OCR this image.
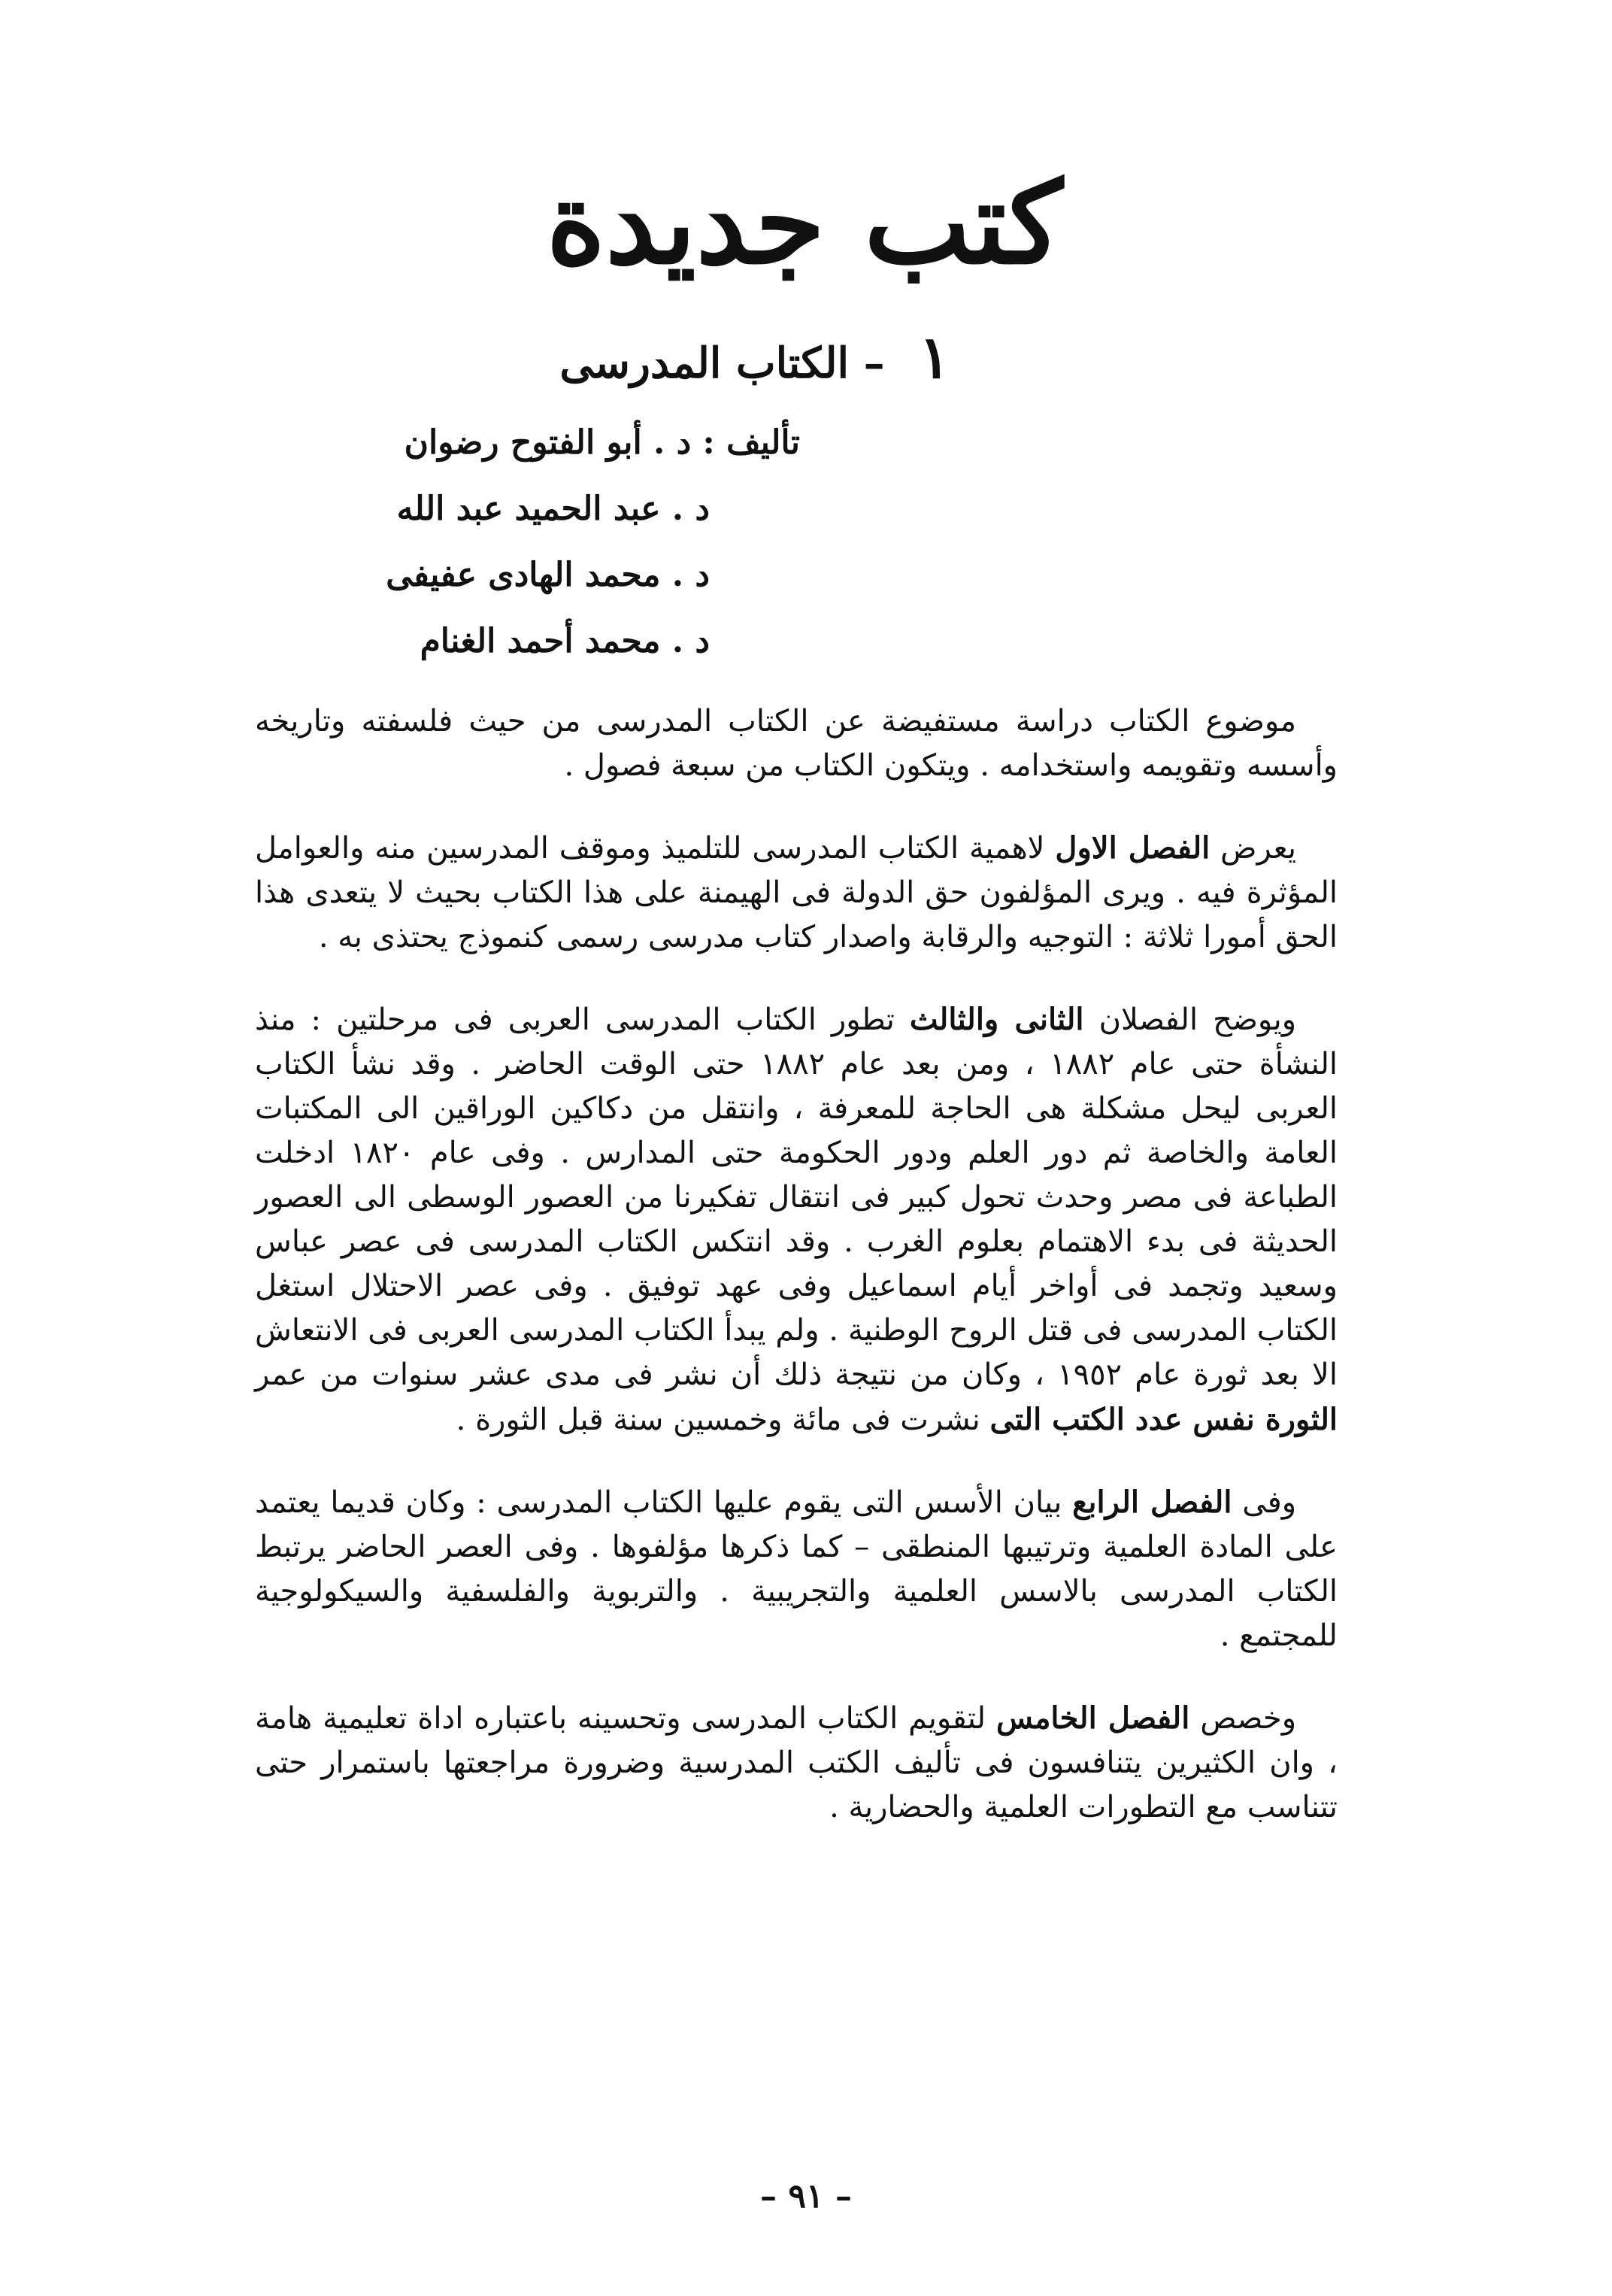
كتب جديدة
١ – الكتاب المدرسى
تأليف : د . أبو الفتوح رضوان
د . عبد الحميد عبد الله
د . محمد الهادى عفيفى
د . محمد أحمد الغنام

موضوع الكتاب دراسة مستفيضة عن الكتاب المدرسى من حيث فلسفته وتاريخه وأسسه وتقويمه واستخدامه . ويتكون الكتاب من سبعة فصول .

يعرض الفصل الاول لاهمية الكتاب المدرسى للتلميذ وموقف المدرسين منه والعوامل المؤثرة فيه . ويرى المؤلفون حق الدولة فى الهيمنة على هذا الكتاب بحيث لا يتعدى هذا الحق أمورا ثلاثة : التوجيه والرقابة واصدار كتاب مدرسى رسمى كنموذج يحتذى به .

ويوضح الفصلان الثانى والثالث تطور الكتاب المدرسى العربى فى مرحلتين : منذ النشأة حتى عام ١٨٨٢ ، ومن بعد عام ١٨٨٢ حتى الوقت الحاضر . وقد نشأ الكتاب العربى ليحل مشكلة هى الحاجة للمعرفة ، وانتقل من دكاكين الوراقين الى المكتبات العامة والخاصة ثم دور العلم ودور الحكومة حتى المدارس . وفى عام ١٨٢٠ ادخلت الطباعة فى مصر وحدث تحول كبير فى انتقال تفكيرنا من العصور الوسطى الى العصور الحديثة فى بدء الاهتمام بعلوم الغرب . وقد انتكس الكتاب المدرسى فى عصر عباس وسعيد وتجمد فى أواخر أيام اسماعيل وفى عهد توفيق . وفى عصر الاحتلال استغل الكتاب المدرسى فى قتل الروح الوطنية . ولم يبدأ الكتاب المدرسى العربى فى الانتعاش الا بعد ثورة عام ١٩٥٢ ، وكان من نتيجة ذلك أن نشر فى مدى عشر سنوات من عمر الثورة نفس عدد الكتب التى نشرت فى مائة وخمسين سنة قبل الثورة .

وفى الفصل الرابع بيان الأسس التى يقوم عليها الكتاب المدرسى : وكان قديما يعتمد على المادة العلمية وترتيبها المنطقى – كما ذكرها مؤلفوها . وفى العصر الحاضر يرتبط الكتاب المدرسى بالاسس العلمية والتجريبية . والتربوية والفلسفية والسيكولوجية للمجتمع .

وخصص الفصل الخامس لتقويم الكتاب المدرسى وتحسينه باعتباره اداة تعليمية هامة ، وان الكثيرين يتنافسون فى تأليف الكتب المدرسية وضرورة مراجعتها باستمرار حتى تتناسب مع التطورات العلمية والحضارية .

– ٩١ –
